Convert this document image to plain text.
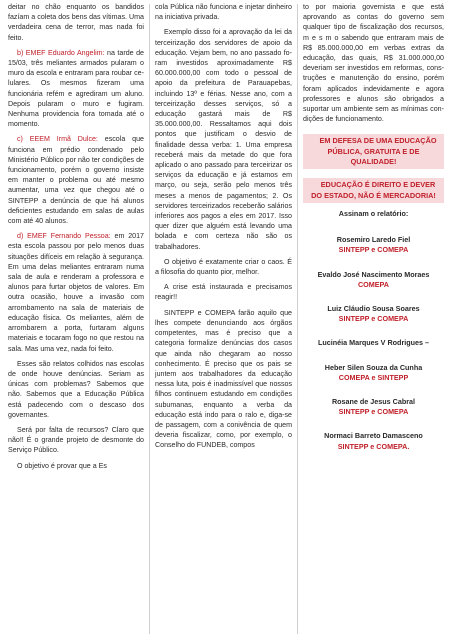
deitar no chão enquanto os bandidos fazíam a coleta dos bens das vítimas. Uma verdadeira cena de terror, mas nada foi feito.

b) EMEF Eduardo Angelim: na tarde de 15/03, três meliantes armados pularam o muro da escola e entraram para roubar celulares. Os mesmos fizeram uma funcionária refém e agrediram um aluno. Depois pularam o muro e fugiram. Nenhuma providencia fora tomada até o momento.

c) EEEM Irmã Dulce: escola que funciona em prédio condenado pelo Ministério Público por não ter condições de funcionamento, porém o governo insiste em manter o problema ou até mesmo aumentar, uma vez que chegou até o SINTEPP a denúncia de que há alunos deficientes estudando em salas de aulas com até 40 alunos.

d) EMEF Fernando Pessoa: em 2017 esta escola passou por pelo menos duas situações difíceis em relação à segurança. Em uma delas meliantes entraram numa sala de aula e renderam a professora e alunos para furtar objetos de valores. Em outra ocasião, houve a invasão com arrombamento na sala de materiais de educação física. Os meliantes, além de arrombarem a porta, furtaram alguns materiais e tocaram fogo no que restou na sala. Mas uma vez, nada foi feito.

Esses são relatos colhidos nas escolas de onde houve denúncias. Seriam as únicas com problemas? Sabemos que não. Sabemos que a Educação Pública está padecendo com o descaso dos governantes.

Será por falta de recursos? Claro que não!! É o grande projeto de desmonte do Serviço Público.

O objetivo é provar que a Es

cola Pública não funciona e injetar dinheiro na iniciativa privada.

Exemplo disso foi a aprovação da lei da terceirização dos servidores de apoio da educação. Vejam bem, no ano passado foram investidos aproximadamente R$ 60.000.000,00 com todo o pessoal de apoio da prefeitura de Parauapebas, incluindo 13º e férias. Nesse ano, com a terceirização desses serviços, só a educação gastará mais de R$ 35.000.000,00. Ressaltamos aqui dois pontos que justificam o desvio de finalidade dessa verba: 1. Uma empresa receberá mais da metade do que fora aplicado o ano passado para terceirizar os serviços da educação e já estamos em março, ou seja, serão pelo menos três meses a menos de pagamentos; 2. Os servidores terceirizados receberão salários inferiores aos pagos a eles em 2017. Isso quer dizer que alguém está levando uma bolada e com certeza não são os trabalhadores.

O objetivo é exatamente criar o caos. É a filosofia do quanto pior, melhor.

A crise está instaurada e precisamos reagir!!

SINTEPP e COMEPA farão aquilo que lhes compete denunciando aos órgãos competentes, mas é preciso que a categoria formalize denúncias dos casos que ainda não chegaram ao nosso conhecimento. É preciso que os pais se juntem aos trabalhadores da educação nessa luta, pois é inadmissível que nossos filhos continuem estudando em condições subumanas, enquanto a verba da educação está indo para o ralo e, diga-se de passagem, com a conivência de quem deveria fiscalizar, como, por exemplo, o Conselho do FUNDEB, compos

to por maioria governista e que está aprovando as contas do governo sem qualquer tipo de fiscalização dos recursos, m e s m o sabendo que entraram mais de R$ 85.000.000,00 em verbas extras da educação, das quais, R$ 31.000.000,00 deveriam ser investidos em reformas, construções e manutenção do ensino, porém foram aplicados indevidamente e agora professores e alunos são obrigados a suportar um ambiente sem as mínimas condições de funcionamento.

EM DEFESA DE UMA EDUCAÇÃO PÚBLICA, GRATUITA E DE QUALIDADE!

EDUCAÇÃO É DIREITO E DEVER DO ESTADO, NÃO É MERCADORIA!

Assinam o relatório:
Rosemiro Laredo Fiel
SINTEPP e COMEPA
Evaldo José Nascimento Moraes
COMEPA
Luiz Cláudio Sousa Soares
SINTEPP e COMEPA
Lucinéia Marques V Rodrigues –
Heber Silen Souza da Cunha
COMEPA e SINTEPP
Rosane de Jesus Cabral
SINTEPP e COMEPA
Normaci Barreto Damasceno
SINTEPP e COMEPA.
